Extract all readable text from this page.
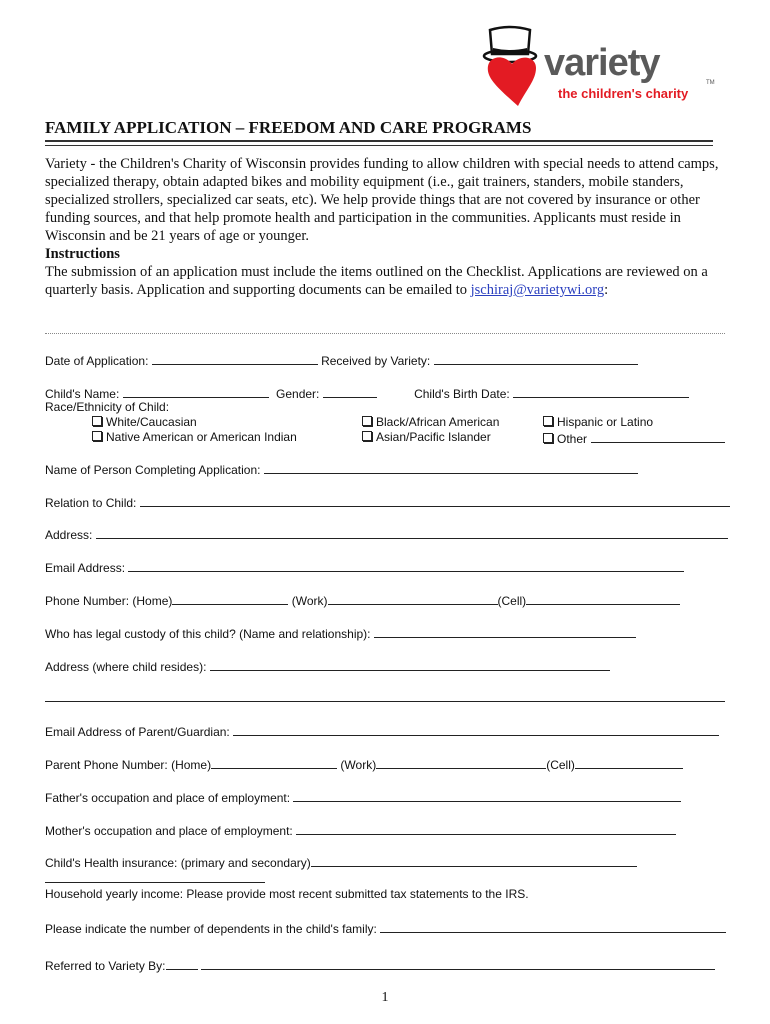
variety	TM
the children's charity
FAMILY APPLICATION – FREEDOM AND CARE PROGRAMS

Variety - the Children's Charity of Wisconsin provides funding to allow children with special needs to attend camps, specialized therapy, obtain adapted bikes and mobility equipment (i.e., gait trainers, standers, mobile standers, specialized strollers, specialized car seats, etc). We help provide things that are not covered by insurance or other funding sources, and that help promote health and participation in the communities. Applicants must reside in Wisconsin and be 21 years of age or younger.

Instructions

The submission of an application must include the items outlined on the Checklist. Applications are reviewed on a quarterly basis. Application and supporting documents can be emailed to jschiraj@varietywi.org:

Date of Application:	Received by Variety:
Child's Name:	Gender:	Child's Birth Date:
Race/Ethnicity of Child:
White/Caucasian	Black/African American	Hispanic or Latino
Native American or American Indian	Asian/Pacific Islander	Other
Name of Person Completing Application:
Relation to Child:
Address:
Email Address:
Phone Number: (Home)	(Work)	(Cell)
Who has legal custody of this child? (Name and relationship):
Address (where child resides):
Email Address of Parent/Guardian:
Parent Phone Number: (Home)	(Work)	(Cell)
Father's occupation and place of employment:
Mother's occupation and place of employment:
Child's Health insurance: (primary and secondary)
Household yearly income: Please provide most recent submitted tax statements to the IRS.
Please indicate the number of dependents in the child's family:
Referred to Variety By:
1
